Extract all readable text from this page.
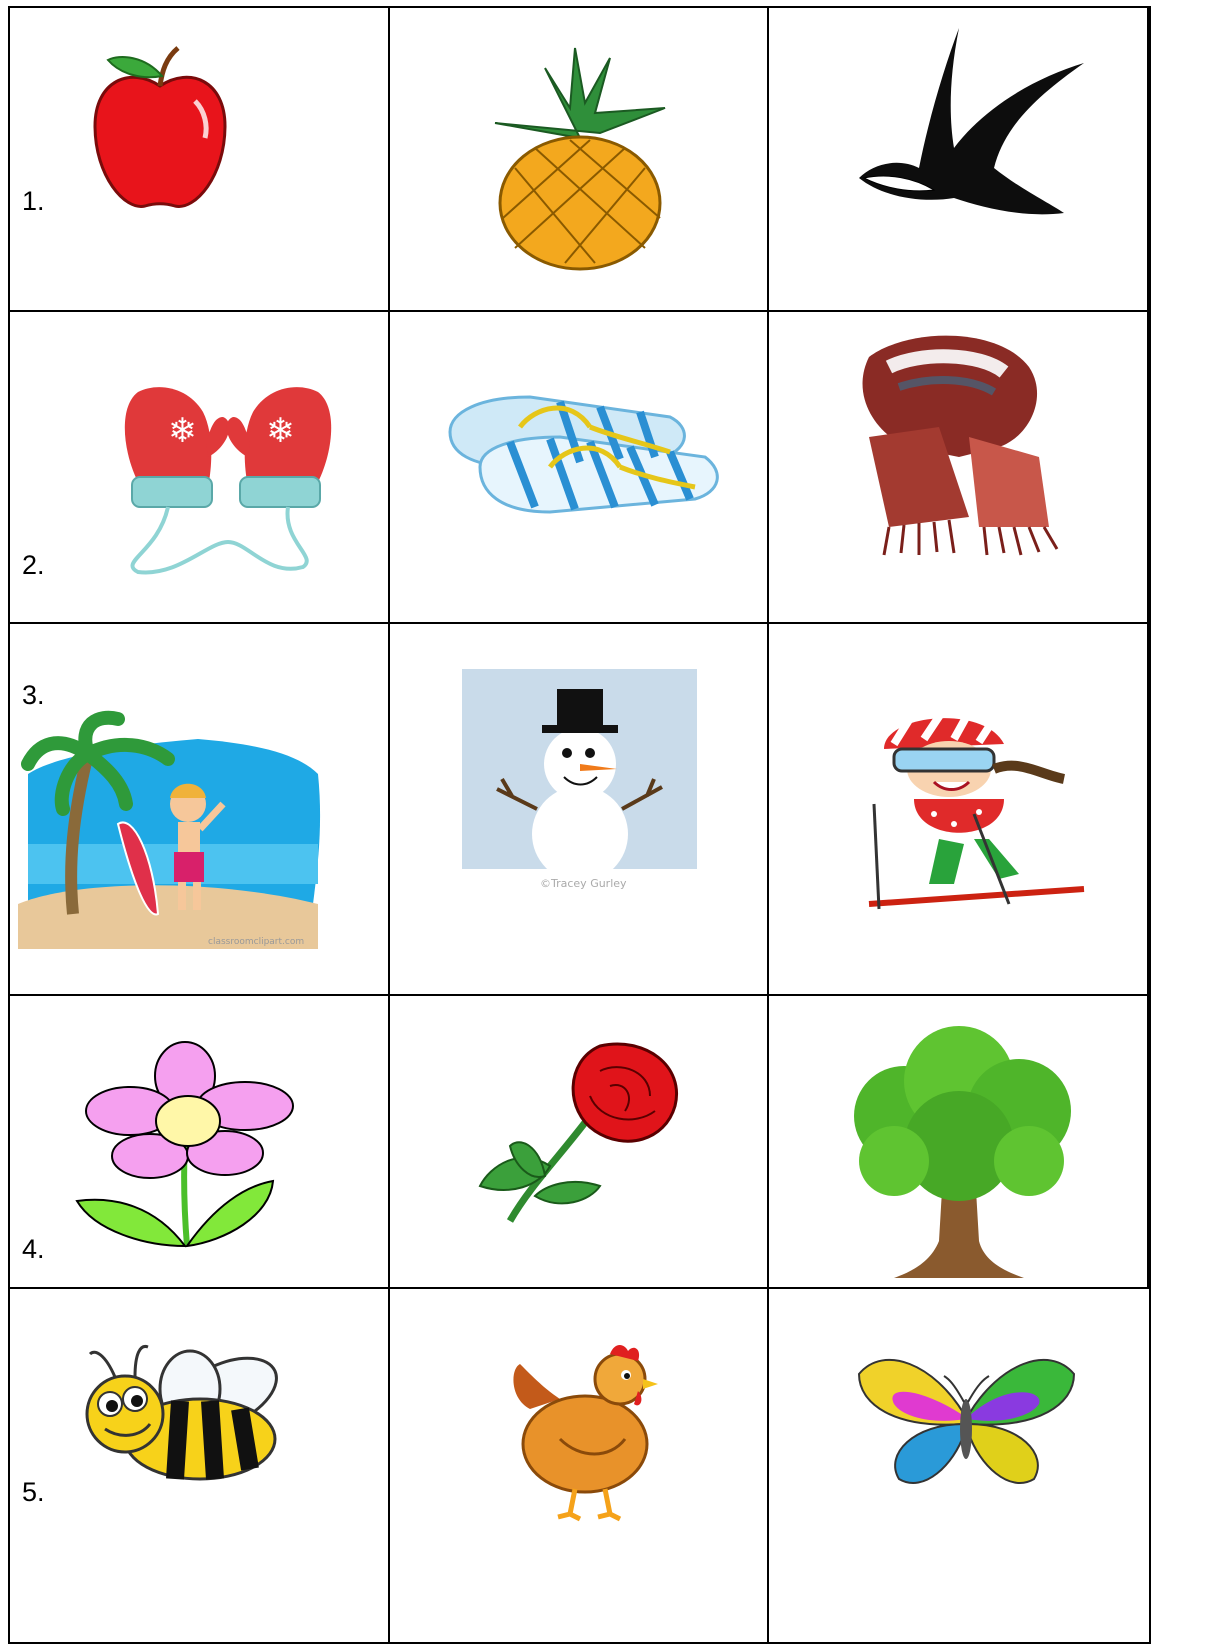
1.
2.
❄ ❄
3.
classroomclipart.com
©Tracey Gurley
4.
5.
